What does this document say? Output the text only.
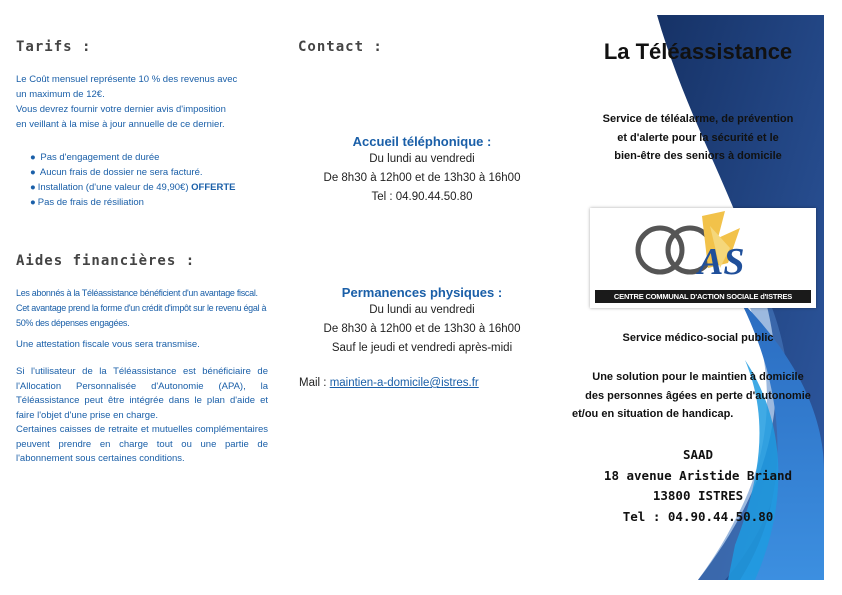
Tarifs :
Le Coût mensuel représente 10 % des revenus avec
un maximum de 12€.
Vous devrez fournir votre dernier avis d'imposition
en veillant à la mise à jour annuelle de ce dernier.
● Pas d'engagement de durée
● Aucun frais de dossier ne sera facturé.
● Installation (d'une valeur de 49,90€) OFFERTE
● Pas de frais de résiliation
Aides financières :

Les abonnés à la Téléassistance bénéficient d'un avantage fiscal. Cet avantage prend la forme d'un crédit d'impôt sur le revenu égal à 50% des dépenses engagées.

Une attestation fiscale vous sera transmise.

Si l'utilisateur de la Téléassistance est bénéficiaire de l'Allocation Personnalisée d'Autonomie (APA), la Téléassistance peut être intégrée dans le plan d'aide et faire l'objet d'une prise en charge.

Certaines caisses de retraite et mutuelles complémentaires peuvent prendre en charge tout ou une partie de l'abonnement sous certaines conditions.

Contact :

Accueil téléphonique :

Du lundi au vendredi
De 8h30 à 12h00 et de 13h30 à 16h00
Tel : 04.90.44.50.80

Permanences physiques :

Du lundi au vendredi
De 8h30 à 12h00 et de 13h30 à 16h00
Sauf le jeudi et vendredi après-midi
Mail : maintien-a-domicile@istres.fr
La Téléassistance
Service de téléalarme, de prévention
et d'alerte pour la sécurité et le
bien-être des seniors à domicile
AS
CENTRE COMMUNAL D'ACTION SOCIALE d'ISTRES
Service médico-social public
Une solution pour le maintien à domicile
des personnes âgées en perte d'autonomie
et/ou en situation de handicap.
SAAD
18 avenue Aristide Briand
13800 ISTRES
Tel : 04.90.44.50.80
